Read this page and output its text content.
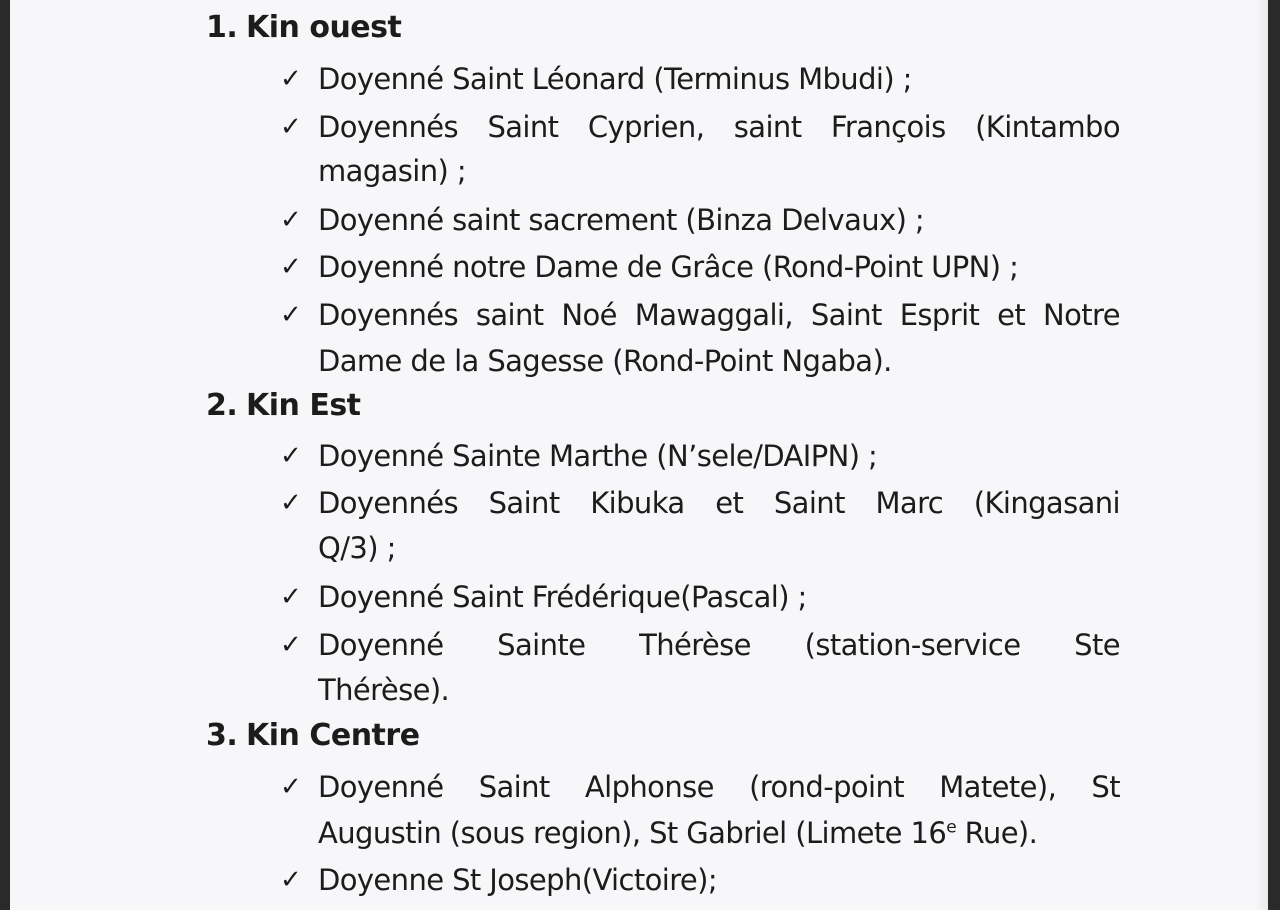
1. Kin ouest
✓ Doyenné Saint Léonard (Terminus Mbudi) ;
✓ Doyennés Saint Cyprien, saint François (Kintambo
magasin) ;
✓ Doyenné saint sacrement (Binza Delvaux) ;
✓ Doyenné notre Dame de Grâce (Rond-Point UPN) ;
✓ Doyennés saint Noé Mawaggali, Saint Esprit et Notre
Dame de la Sagesse (Rond-Point Ngaba).
2. Kin Est
✓ Doyenné Sainte Marthe (N’sele/DAIPN) ;
✓ Doyennés Saint Kibuka et Saint Marc (Kingasani
Q/3) ;
✓ Doyenné Saint Frédérique(Pascal) ;
✓ Doyenné Sainte Thérèse (station-service Ste
Thérèse).
3. Kin Centre
✓ Doyenné Saint Alphonse (rond-point Matete), St
Augustin (sous region), St Gabriel (Limete 16e Rue).
✓ Doyenne St Joseph(Victoire);
